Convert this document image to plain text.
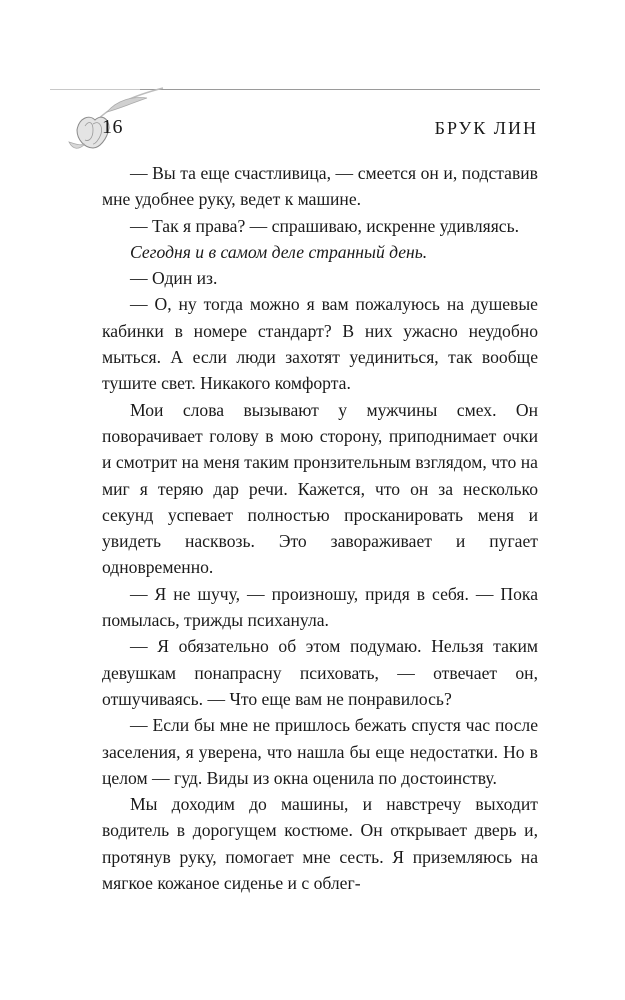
16	БРУК ЛИН

— Вы та еще счастливица, — смеется он и, подставив мне удобнее руку, ведет к машине.

— Так я права? — спрашиваю, искренне удивляясь.

Сегодня и в самом деле странный день.

— Один из.

— О, ну тогда можно я вам пожалуюсь на душевые кабинки в номере стандарт? В них ужасно неудобно мыться. А если люди захотят уединиться, так вообще тушите свет. Никакого комфорта.

Мои слова вызывают у мужчины смех. Он поворачивает голову в мою сторону, приподнимает очки и смотрит на меня таким пронзительным взглядом, что на миг я теряю дар речи. Кажется, что он за несколько секунд успевает полностью просканировать меня и увидеть насквозь. Это завораживает и пугает одновременно.

— Я не шучу, — произношу, придя в себя. — Пока помылась, трижды психанула.

— Я обязательно об этом подумаю. Нельзя таким девушкам понапрасну психовать, — отвечает он, отшучиваясь. — Что еще вам не понравилось?

— Если бы мне не пришлось бежать спустя час после заселения, я уверена, что нашла бы еще недостатки. Но в целом — гуд. Виды из окна оценила по достоинству.

Мы доходим до машины, и навстречу выходит водитель в дорогущем костюме. Он открывает дверь и, протянув руку, помогает мне сесть. Я приземляюсь на мягкое кожаное сиденье и с облег-
